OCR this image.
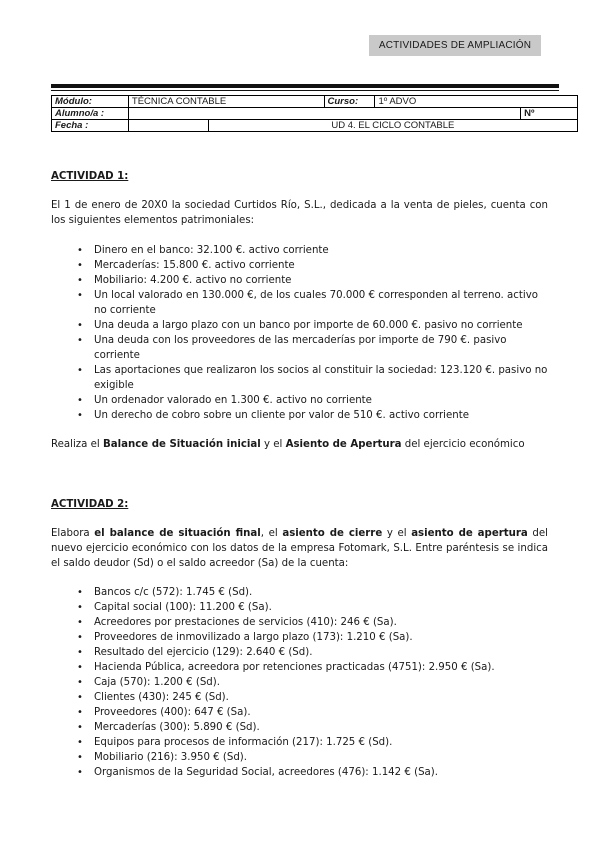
ACTIVIDADES DE AMPLIACIÓN
Módulo:	TÉCNICA CONTABLE		Curso:	1º ADVO	
Alumno/a :					Nº
Fecha :		UD 4. EL CICLO CONTABLE			
ACTIVIDAD 1:

El 1 de enero de 20X0 la sociedad Curtidos Río, S.L., dedicada a la venta de pieles, cuenta con los siguientes elementos patrimoniales:

• Dinero en el banco: 32.100 €. activo corriente
• Mercaderías: 15.800 €. activo corriente
• Mobiliario: 4.200 €. activo no corriente
• Un local valorado en 130.000 €, de los cuales 70.000 € corresponden al terreno. activo no corriente
• Una deuda a largo plazo con un banco por importe de 60.000 €. pasivo no corriente
• Una deuda con los proveedores de las mercaderías por importe de 790 €. pasivo corriente
• Las aportaciones que realizaron los socios al constituir la sociedad: 123.120 €. pasivo no exigible
• Un ordenador valorado en 1.300 €. activo no corriente
• Un derecho de cobro sobre un cliente por valor de 510 €. activo corriente

Realiza el Balance de Situación inicial y el Asiento de Apertura del ejercicio económico

ACTIVIDAD 2:

Elabora el balance de situación final, el asiento de cierre y el asiento de apertura del nuevo ejercicio económico con los datos de la empresa Fotomark, S.L. Entre paréntesis se indica el saldo deudor (Sd) o el saldo acreedor (Sa) de la cuenta:

• Bancos c/c (572): 1.745 € (Sd).
• Capital social (100): 11.200 € (Sa).
• Acreedores por prestaciones de servicios (410): 246 € (Sa).
• Proveedores de inmovilizado a largo plazo (173): 1.210 € (Sa).
• Resultado del ejercicio (129): 2.640 € (Sd).
• Hacienda Pública, acreedora por retenciones practicadas (4751): 2.950 € (Sa).
• Caja (570): 1.200 € (Sd).
• Clientes (430): 245 € (Sd).
• Proveedores (400): 647 € (Sa).
• Mercaderías (300): 5.890 € (Sd).
• Equipos para procesos de información (217): 1.725 € (Sd).
• Mobiliario (216): 3.950 € (Sd).
• Organismos de la Seguridad Social, acreedores (476): 1.142 € (Sa).
